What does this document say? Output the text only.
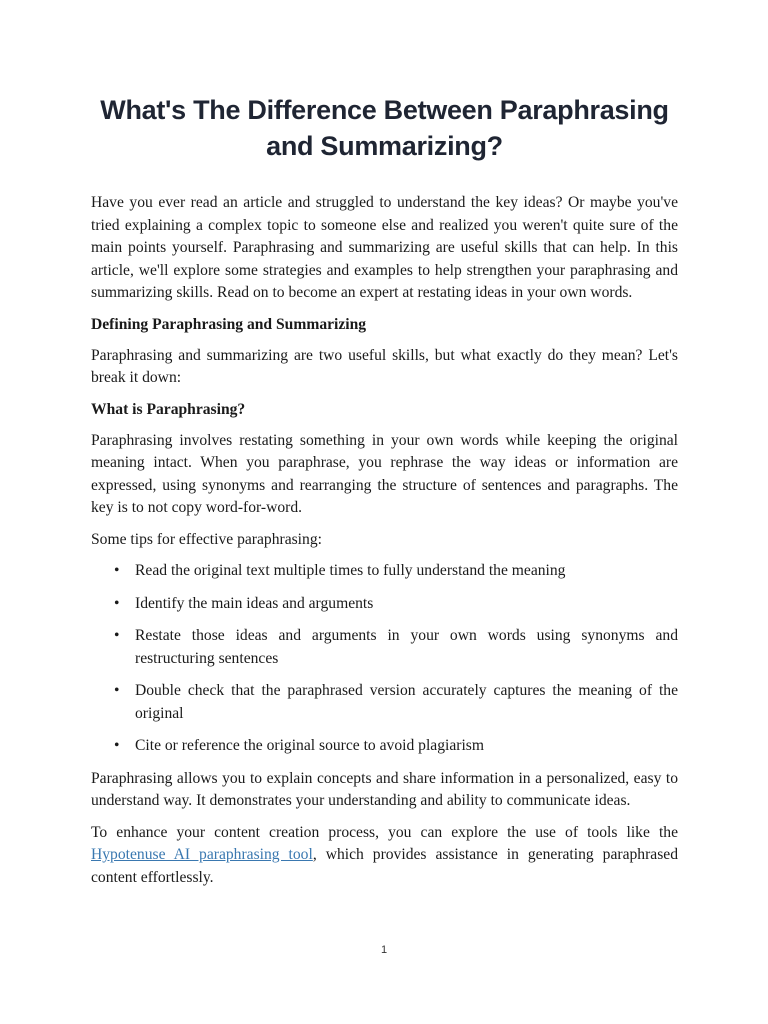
What's The Difference Between Paraphrasing and Summarizing?

Have you ever read an article and struggled to understand the key ideas? Or maybe you've tried explaining a complex topic to someone else and realized you weren't quite sure of the main points yourself. Paraphrasing and summarizing are useful skills that can help. In this article, we'll explore some strategies and examples to help strengthen your paraphrasing and summarizing skills. Read on to become an expert at restating ideas in your own words.

Defining Paraphrasing and Summarizing

Paraphrasing and summarizing are two useful skills, but what exactly do they mean? Let's break it down:

What is Paraphrasing?

Paraphrasing involves restating something in your own words while keeping the original meaning intact. When you paraphrase, you rephrase the way ideas or information are expressed, using synonyms and rearranging the structure of sentences and paragraphs. The key is to not copy word-for-word.

Some tips for effective paraphrasing:

• Read the original text multiple times to fully understand the meaning
• Identify the main ideas and arguments
• Restate those ideas and arguments in your own words using synonyms and restructuring sentences
• Double check that the paraphrased version accurately captures the meaning of the original
• Cite or reference the original source to avoid plagiarism

Paraphrasing allows you to explain concepts and share information in a personalized, easy to understand way. It demonstrates your understanding and ability to communicate ideas.

To enhance your content creation process, you can explore the use of tools like the Hypotenuse AI paraphrasing tool, which provides assistance in generating paraphrased content effortlessly.

1
